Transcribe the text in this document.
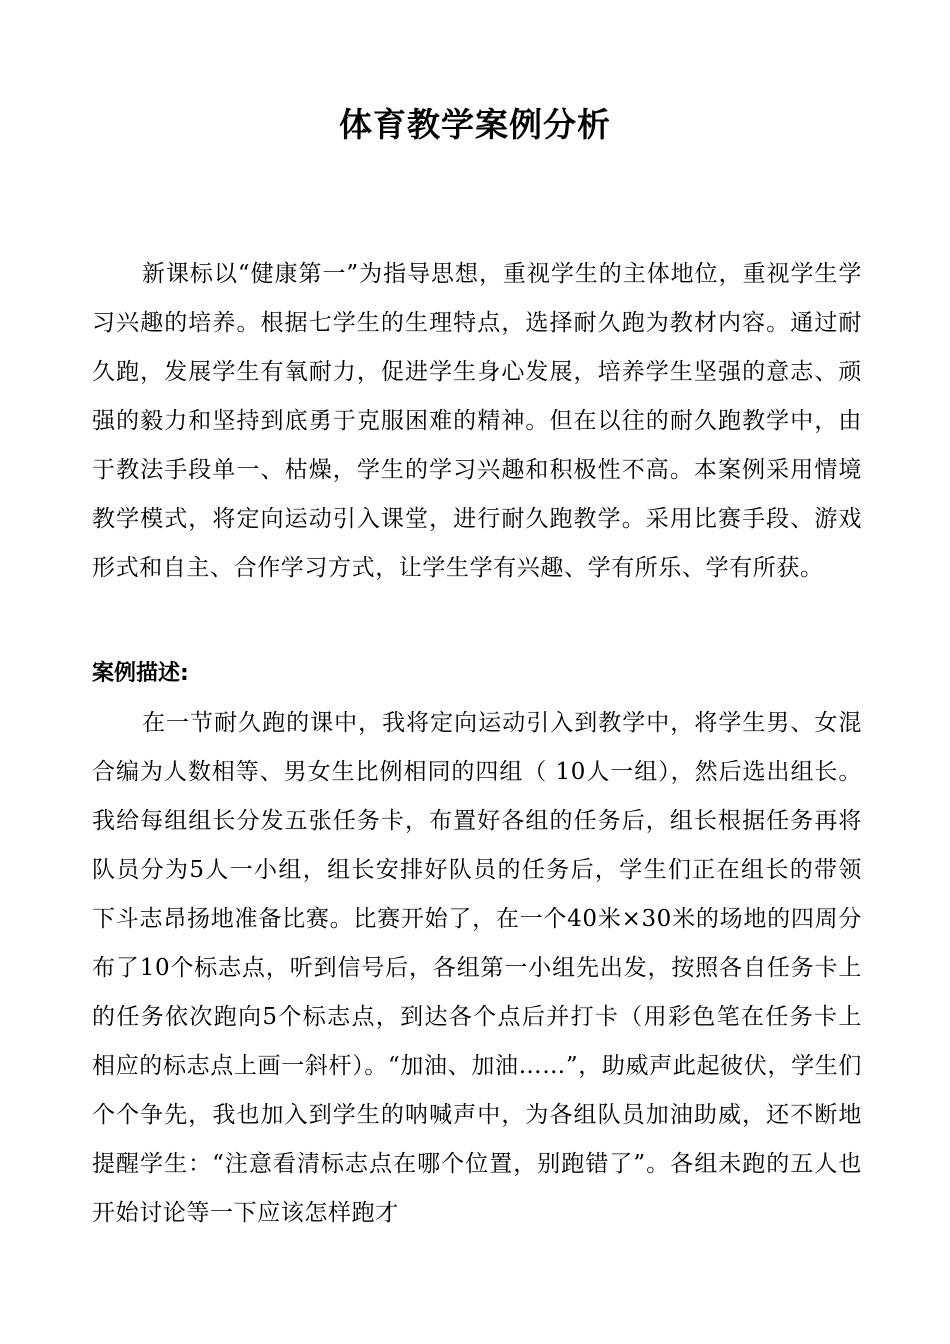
体育教学案例分析

新课标以“健康第一”为指导思想，重视学生的主体地位，重视学生学习兴趣的培养。根据七学生的生理特点，选择耐久跑为教材内容。通过耐久跑，发展学生有氧耐力，促进学生身心发展，培养学生坚强的意志、顽强的毅力和坚持到底勇于克服困难的精神。但在以往的耐久跑教学中，由于教法手段单一、枯燥，学生的学习兴趣和积极性不高。本案例采用情境教学模式，将定向运动引入课堂，进行耐久跑教学。采用比赛手段、游戏形式和自主、合作学习方式，让学生学有兴趣、学有所乐、学有所获。

案例描述:

在一节耐久跑的课中，我将定向运动引入到教学中，将学生男、女混合编为人数相等、男女生比例相同的四组（ 10人一组），然后选出组长。我给每组组长分发五张任务卡，布置好各组的任务后，组长根据任务再将队员分为5人一小组，组长安排好队员的任务后，学生们正在组长的带领下斗志昂扬地准备比赛。比赛开始了，在一个40米×30米的场地的四周分布了10个标志点，听到信号后，各组第一小组先出发，按照各自任务卡上的任务依次跑向5个标志点，到达各个点后并打卡（用彩色笔在任务卡上相应的标志点上画一斜杆）。“加油、加油……”，助威声此起彼伏，学生们个个争先，我也加入到学生的呐喊声中，为各组队员加油助威，还不断地提醒学生：“注意看清标志点在哪个位置，别跑错了”。各组未跑的五人也开始讨论等一下应该怎样跑才
